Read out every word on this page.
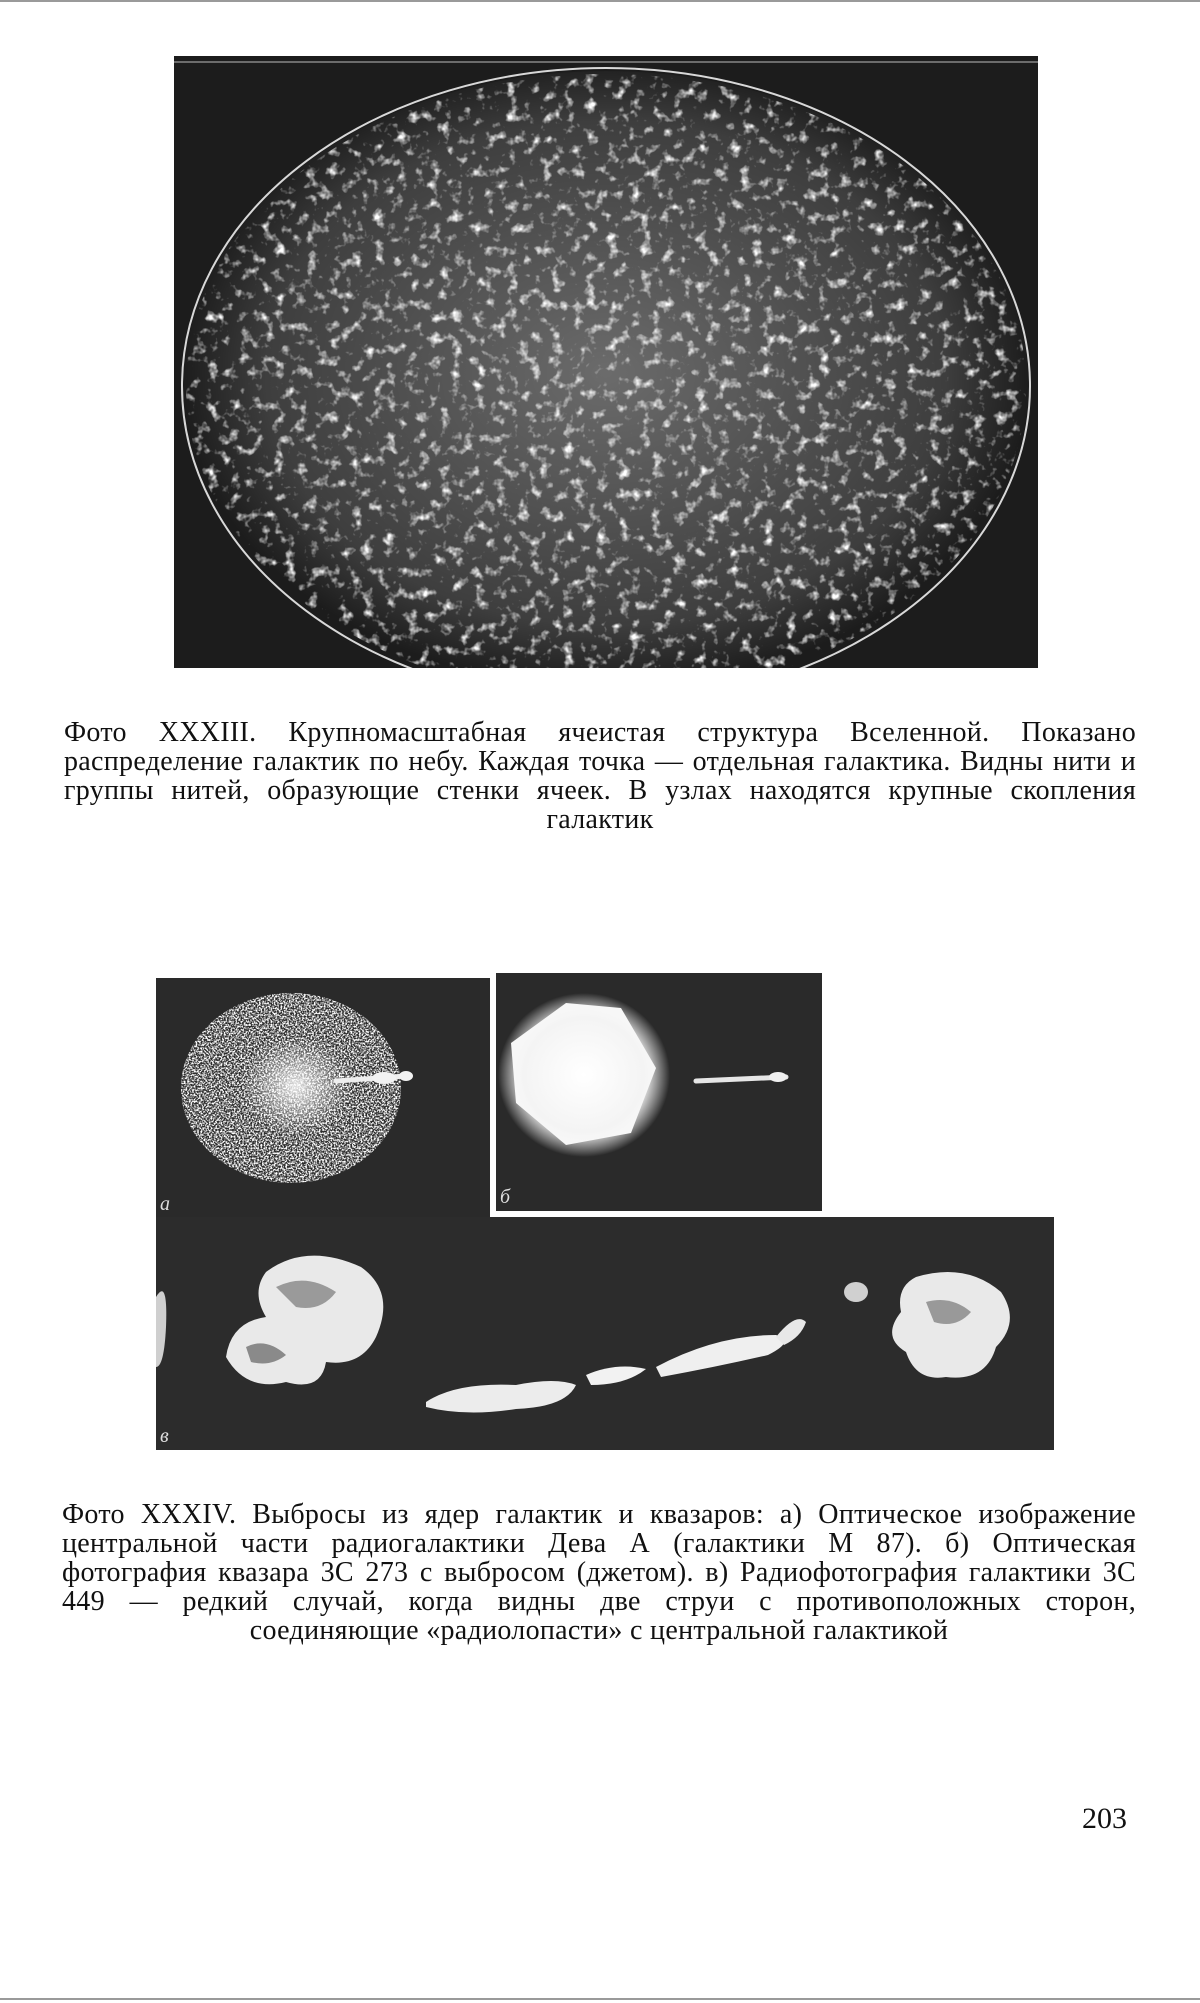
Фото XXXIII. Крупномасштабная ячеистая структура Вселенной. Показано распределение галактик по небу. Каждая точка — отдельная галактика. Видны нити и группы нитей, образующие стенки ячеек. В узлах находятся крупные скопления галактик

а	б
в

Фото XXXIV. Выбросы из ядер галактик и квазаров: а) Оптическое изображение центральной части радиогалактики Дева А (галактики М 87). б) Оптическая фотография квазара 3С 273 с выбросом (джетом). в) Радиофотография галактики 3С 449 — редкий случай, когда видны две струи с противоположных сторон, соединяющие «радиолопасти» с центральной галактикой

203
